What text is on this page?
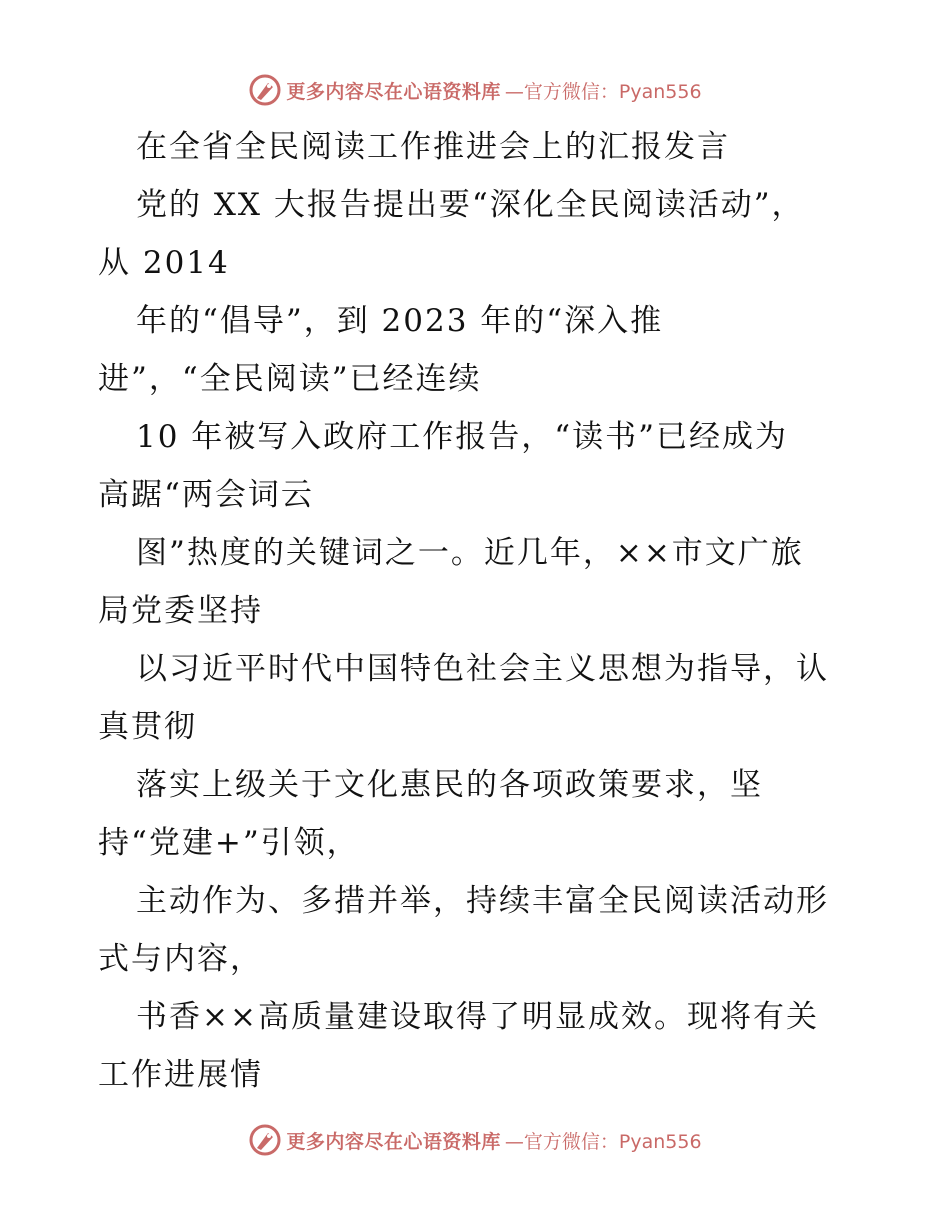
更多内容尽在心语资料库 —官方微信：Pyan556
在全省全民阅读工作推进会上的汇报发言
党的 XX 大报告提出要“深化全民阅读活动”，
从 2014
年的“倡导”，到 2023 年的“深入推
进”，“全民阅读”已经连续
10 年被写入政府工作报告，“读书”已经成为
高踞“两会词云
图”热度的关键词之一。近几年，××市文广旅
局党委坚持
以习近平时代中国特色社会主义思想为指导，认
真贯彻
落实上级关于文化惠民的各项政策要求，坚
持“党建+”引领，
主动作为、多措并举，持续丰富全民阅读活动形
式与内容，
书香××高质量建设取得了明显成效。现将有关
工作进展情
更多内容尽在心语资料库 —官方微信：Pyan556
